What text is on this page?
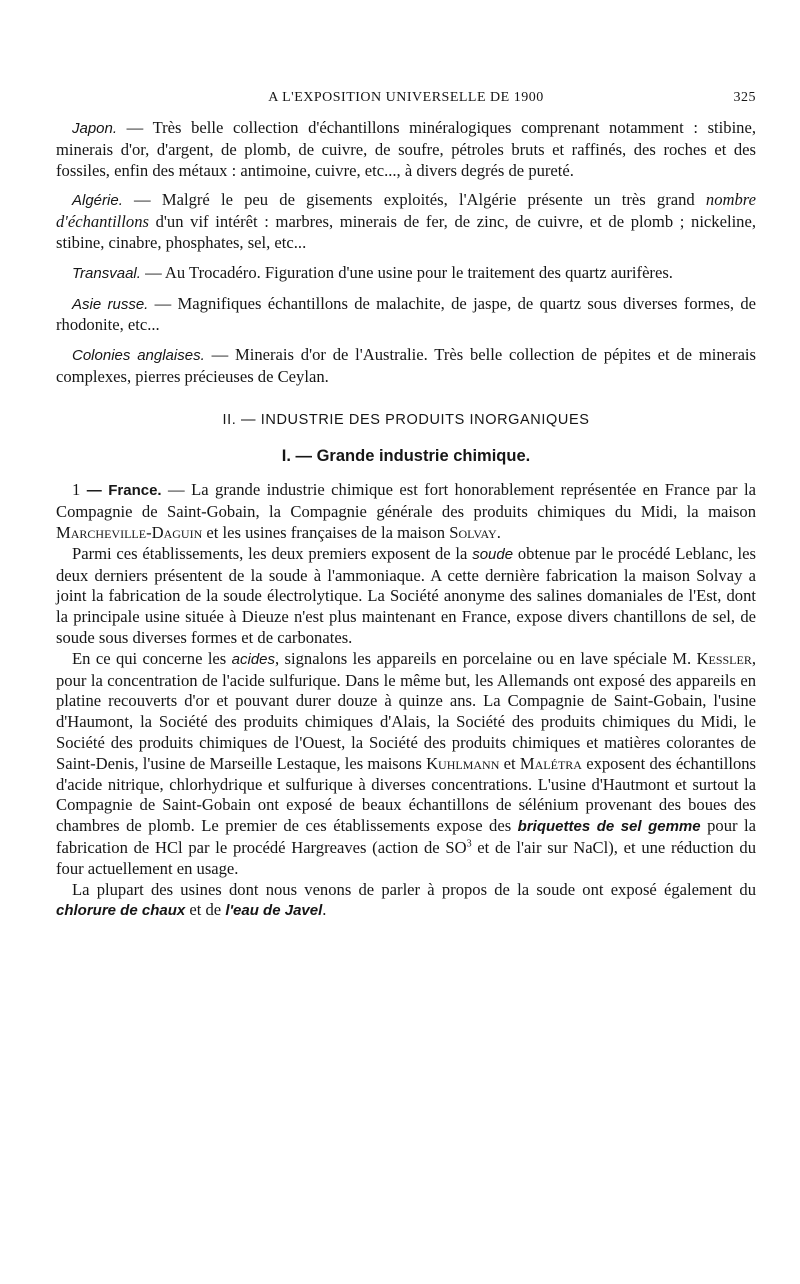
A L'EXPOSITION UNIVERSELLE DE 1900	325

Japon. — Très belle collection d'échantillons minéralogiques comprenant notamment : stibine, minerais d'or, d'argent, de plomb, de cuivre, de soufre, pétroles bruts et raffinés, des roches et des fossiles, enfin des métaux : antimoine, cuivre, etc..., à divers degrés de pureté.

Algérie. — Malgré le peu de gisements exploités, l'Algérie présente un très grand nombre d'échantillons d'un vif intérêt : marbres, minerais de fer, de zinc, de cuivre, et de plomb ; nickeline, stibine, cinabre, phosphates, sel, etc...

Transvaal. — Au Trocadéro. Figuration d'une usine pour le traitement des quartz aurifères.

Asie russe. — Magnifiques échantillons de malachite, de jaspe, de quartz sous diverses formes, de rhodonite, etc...

Colonies anglaises. — Minerais d'or de l'Australie. Très belle collection de pépites et de minerais complexes, pierres précieuses de Ceylan.

II. — INDUSTRIE DES PRODUITS INORGANIQUES
I. — Grande industrie chimique.

1 — France. — La grande industrie chimique est fort honorablement représentée en France par la Compagnie de Saint-Gobain, la Compagnie générale des produits chimiques du Midi, la maison Marcheville-Daguin et les usines françaises de la maison Solvay.

Parmi ces établissements, les deux premiers exposent de la soude obtenue par le procédé Leblanc, les deux derniers présentent de la soude à l'ammoniaque. A cette dernière fabrication la maison Solvay a joint la fabrication de la soude électrolytique. La Société anonyme des salines domaniales de l'Est, dont la principale usine située à Dieuze n'est plus maintenant en France, expose divers chantillons de sel, de soude sous diverses formes et de carbonates.

En ce qui concerne les acides, signalons les appareils en porcelaine ou en lave spéciale M. Kessler, pour la concentration de l'acide sulfurique. Dans le même but, les Allemands ont exposé des appareils en platine recouverts d'or et pouvant durer douze à quinze ans. La Compagnie de Saint-Gobain, l'usine d'Haumont, la Société des produits chimiques d'Alais, la Société des produits chimiques du Midi, le Société des produits chimiques de l'Ouest, la Société des produits chimiques et matières colorantes de Saint-Denis, l'usine de Marseille Lestaque, les maisons Kuhlmann et Malétra exposent des échantillons d'acide nitrique, chlorhydrique et sulfurique à diverses concentrations. L'usine d'Hautmont et surtout la Compagnie de Saint-Gobain ont exposé de beaux échantillons de sélénium provenant des boues des chambres de plomb. Le premier de ces établissements expose des briquettes de sel gemme pour la fabrication de HCl par le procédé Hargreaves (action de $SO^3$ et de l'air sur NaCl), et une réduction du four actuellement en usage.

La plupart des usines dont nous venons de parler à propos de la soude ont exposé également du chlorure de chaux et de l'eau de Javel.
